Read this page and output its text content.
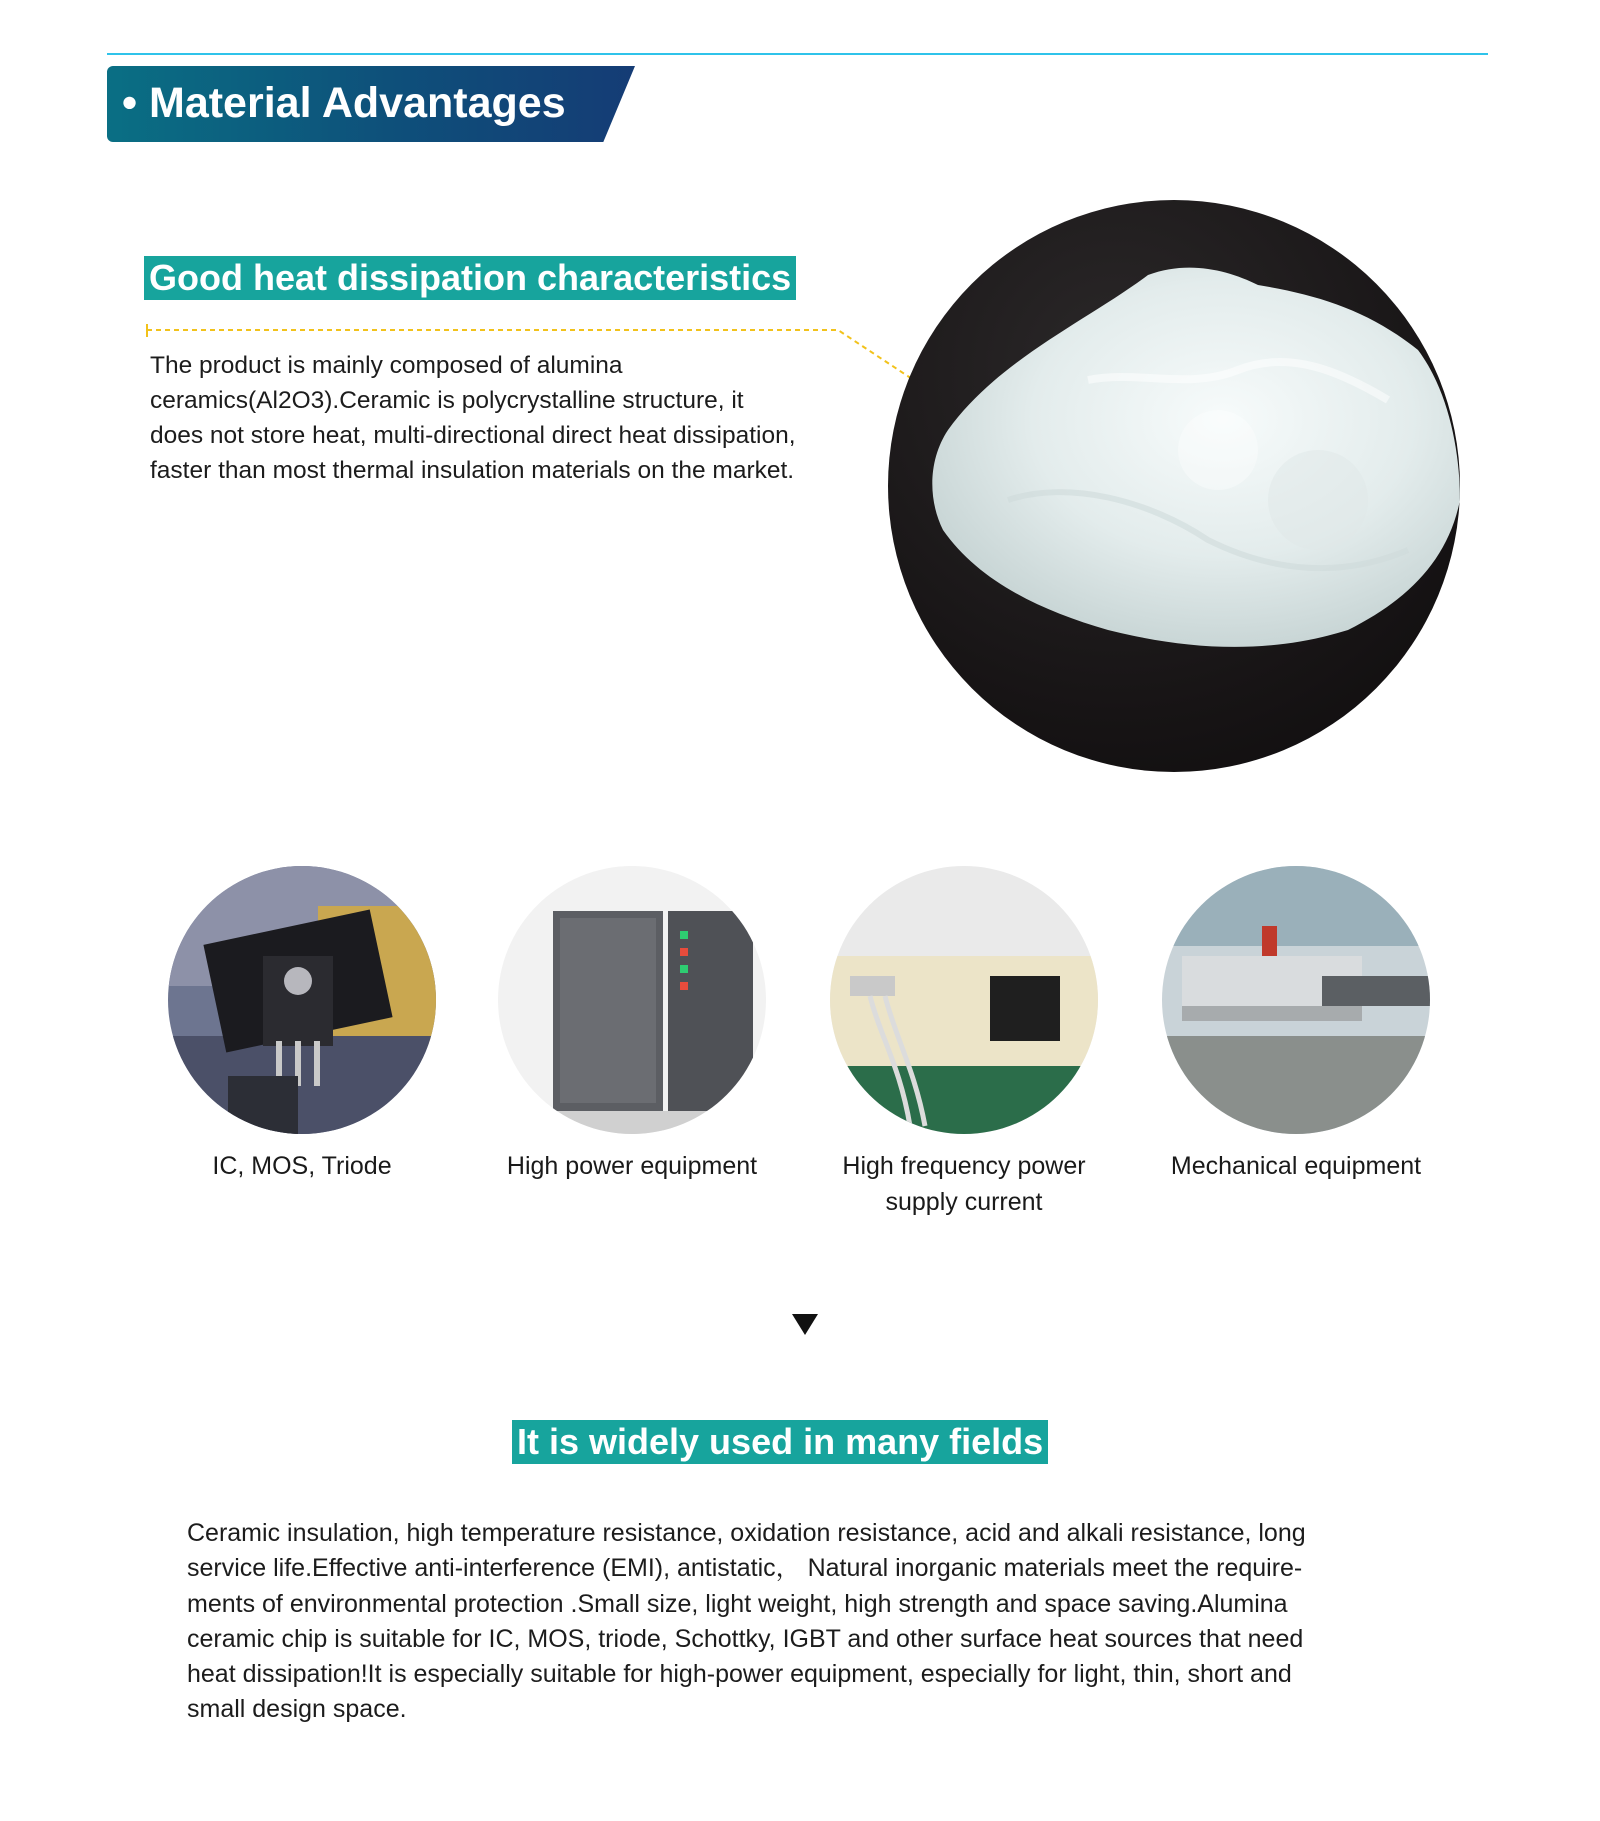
• Material Advantages
Good heat dissipation characteristics
The product is mainly composed of alumina
ceramics(Al2O3).Ceramic is polycrystalline structure, it
does not store heat, multi-directional direct heat dissipation,
faster than most thermal insulation materials on the market.
IC, MOS, Triode	High power equipment	High frequency power
supply current
Mechanical equipment
It is widely used in many fields
Ceramic insulation, high temperature resistance, oxidation resistance, acid and alkali resistance, long
service life.Effective anti-interference (EMI), antistatic， Natural inorganic materials meet the require-
ments of environmental protection .Small size, light weight, high strength and space saving.Alumina
ceramic chip is suitable for IC, MOS, triode, Schottky, IGBT and other surface heat sources that need
heat dissipation!It is especially suitable for high-power equipment, especially for light, thin, short and
small design space.
